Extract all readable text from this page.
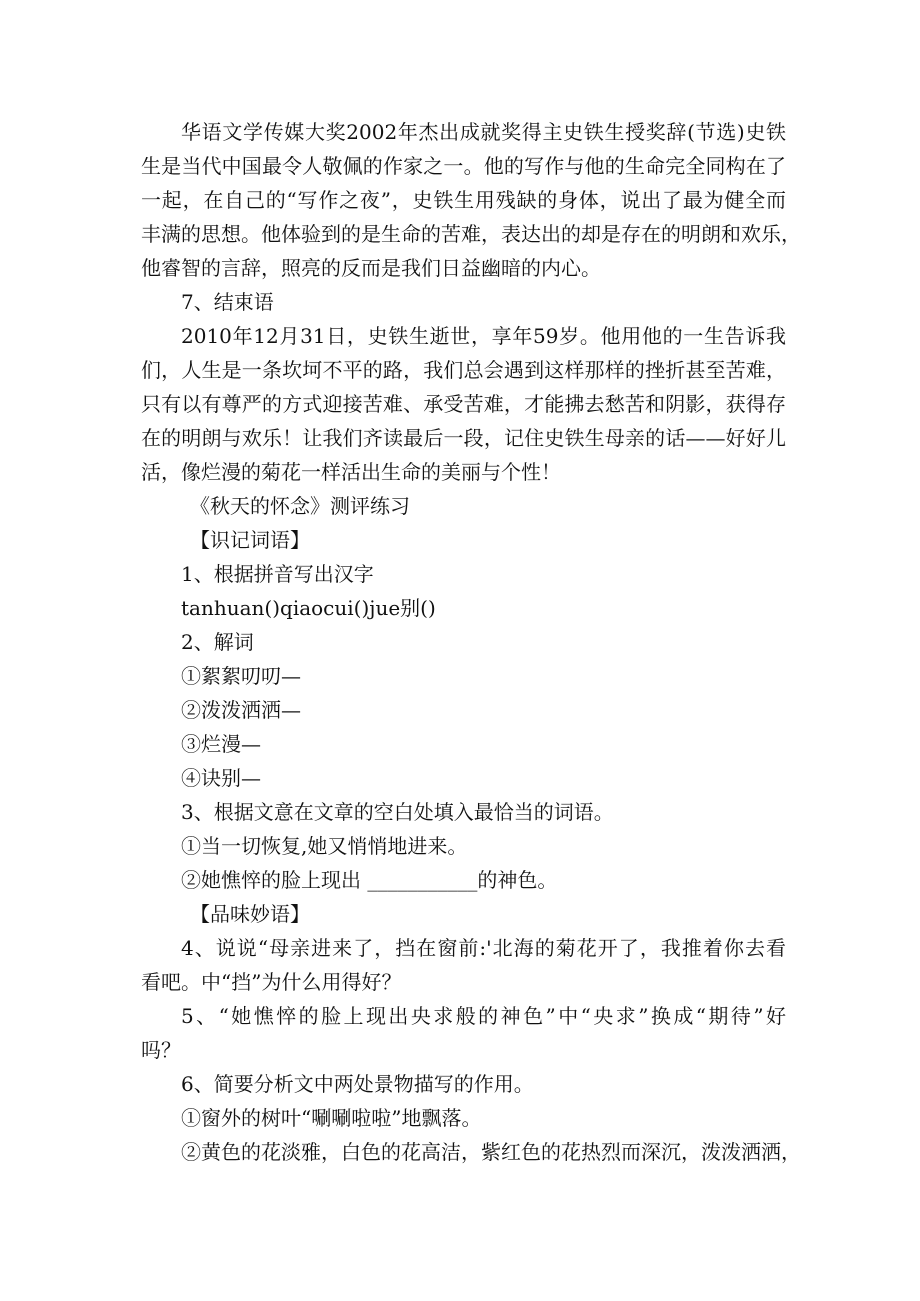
华语文学传媒大奖2002年杰出成就奖得主史铁生授奖辞(节选)史铁
生是当代中国最令人敬佩的作家之一。他的写作与他的生命完全同构在了
一起，在自己的“写作之夜”，史铁生用残缺的身体，说出了最为健全而
丰满的思想。他体验到的是生命的苦难，表达出的却是存在的明朗和欢乐，
他睿智的言辞，照亮的反而是我们日益幽暗的内心。
7、结束语
2010年12月31日，史铁生逝世，享年59岁。他用他的一生告诉我
们，人生是一条坎坷不平的路，我们总会遇到这样那样的挫折甚至苦难，
只有以有尊严的方式迎接苦难、承受苦难，才能拂去愁苦和阴影，获得存
在的明朗与欢乐！让我们齐读最后一段，记住史铁生母亲的话——好好儿
活，像烂漫的菊花一样活出生命的美丽与个性！
《秋天的怀念》测评练习
【识记词语】
1、根据拼音写出汉字
tanhuan()qiaocui()jue别()
2、解词
①絮絮叨叨—
②泼泼洒洒—
③烂漫—
④诀别—
3、根据文意在文章的空白处填入最恰当的词语。
①当一切恢复,她又悄悄地进来。
②她憔悴的脸上现出 ___________的神色。
【品味妙语】
4、说说“母亲进来了，挡在窗前:'北海的菊花开了，我推着你去看
看吧。中“挡”为什么用得好？
5、“她憔悴的脸上现出央求般的神色”中“央求”换成“期待”好
吗？
6、简要分析文中两处景物描写的作用。
①窗外的树叶“唰唰啦啦”地飘落。
②黄色的花淡雅，白色的花高洁，紫红色的花热烈而深沉，泼泼洒洒，
